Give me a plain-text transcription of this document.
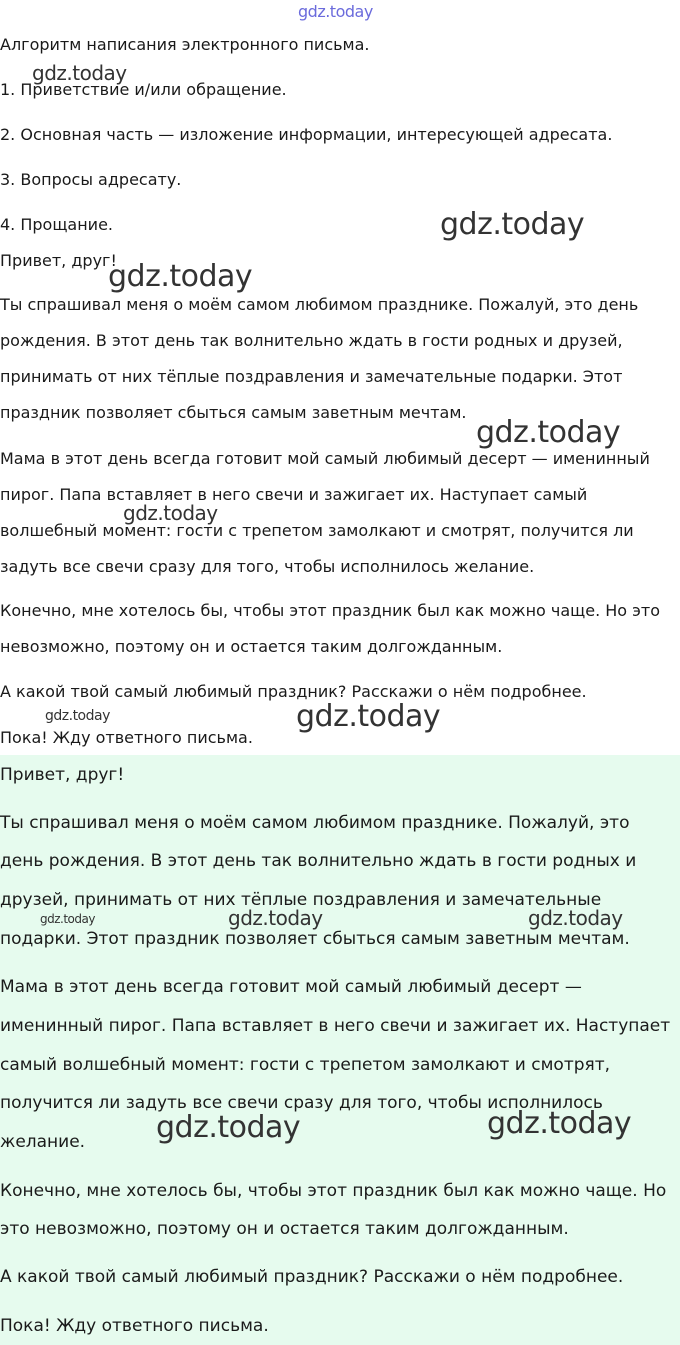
Алгоритм написания электронного письма.
1. Приветствие и/или обращение.
2. Основная часть — изложение информации, интересующей адресата.
3. Вопросы адресату.
4. Прощание.
Привет, друг!
Ты спрашивал меня о моём самом любимом празднике. Пожалуй, это день
рождения. В этот день так волнительно ждать в гости родных и друзей,
принимать от них тёплые поздравления и замечательные подарки. Этот
праздник позволяет сбыться самым заветным мечтам.
Мама в этот день всегда готовит мой самый любимый десерт — именинный
пирог. Папа вставляет в него свечи и зажигает их. Наступает самый
волшебный момент: гости с трепетом замолкают и смотрят, получится ли
задуть все свечи сразу для того, чтобы исполнилось желание.
Конечно, мне хотелось бы, чтобы этот праздник был как можно чаще. Но это
невозможно, поэтому он и остается таким долгожданным.
А какой твой самый любимый праздник? Расскажи о нём подробнее.
Пока! Жду ответного письма.
Привет, друг!
Ты спрашивал меня о моём самом любимом празднике. Пожалуй, это
день рождения. В этот день так волнительно ждать в гости родных и
друзей, принимать от них тёплые поздравления и замечательные
подарки. Этот праздник позволяет сбыться самым заветным мечтам.
Мама в этот день всегда готовит мой самый любимый десерт —
именинный пирог. Папа вставляет в него свечи и зажигает их. Наступает
самый волшебный момент: гости с трепетом замолкают и смотрят,
получится ли задуть все свечи сразу для того, чтобы исполнилось
желание.
Конечно, мне хотелось бы, чтобы этот праздник был как можно чаще. Но
это невозможно, поэтому он и остается таким долгожданным.
А какой твой самый любимый праздник? Расскажи о нём подробнее.
Пока! Жду ответного письма.
gdz.today
gdz.today
gdz.today
gdz.today
gdz.today
gdz.today
gdz.today	gdz.today
gdz.today	gdz.today	gdz.today
gdz.today	gdz.today
